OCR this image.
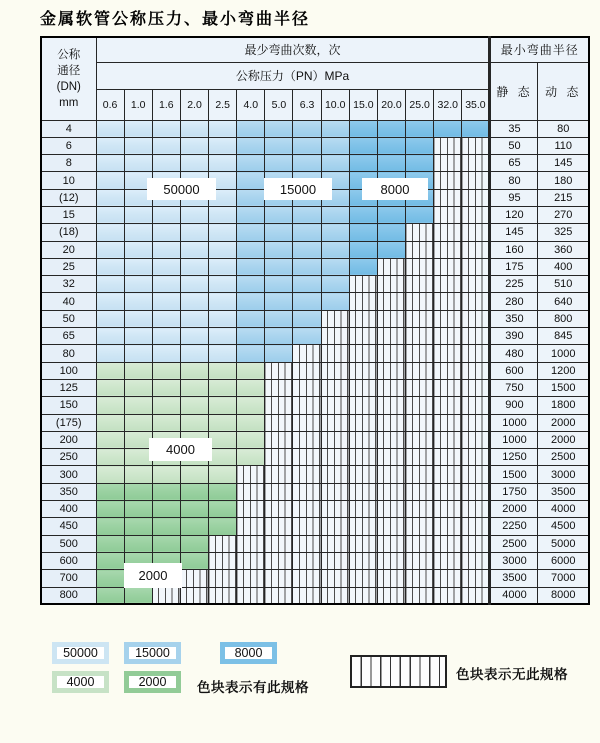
金属软管公称压力、最小弯曲半径
公称
通径
(DN)
mm	最少弯曲次数，次														最小弯曲半径	
	公称压力（PN）MPa														静 态	动 态
	0.6	1.0	1.6	2.0	2.5	4.0	5.0	6.3	10.0	15.0	20.0	25.0	32.0	35.0		
4															35	80
6															50	110
8															65	145
10															80	180
(12)															95	215
15															120	270
(18)															145	325
20															160	360
25															175	400
32															225	510
40															280	640
50															350	800
65															390	845
80															480	1000
100															600	1200
125															750	1500
150															900	1800
(175)															1000	2000
200															1000	2000
250															1250	2500
300															1500	3000
350															1750	3500
400															2000	4000
450															2250	4500
500															2500	5000
600															3000	6000
700															3500	7000
800															4000	8000
50000	15000	8000
4000
2000
50000	15000	8000
4000	2000 色块表示有此规格
色块表示无此规格
